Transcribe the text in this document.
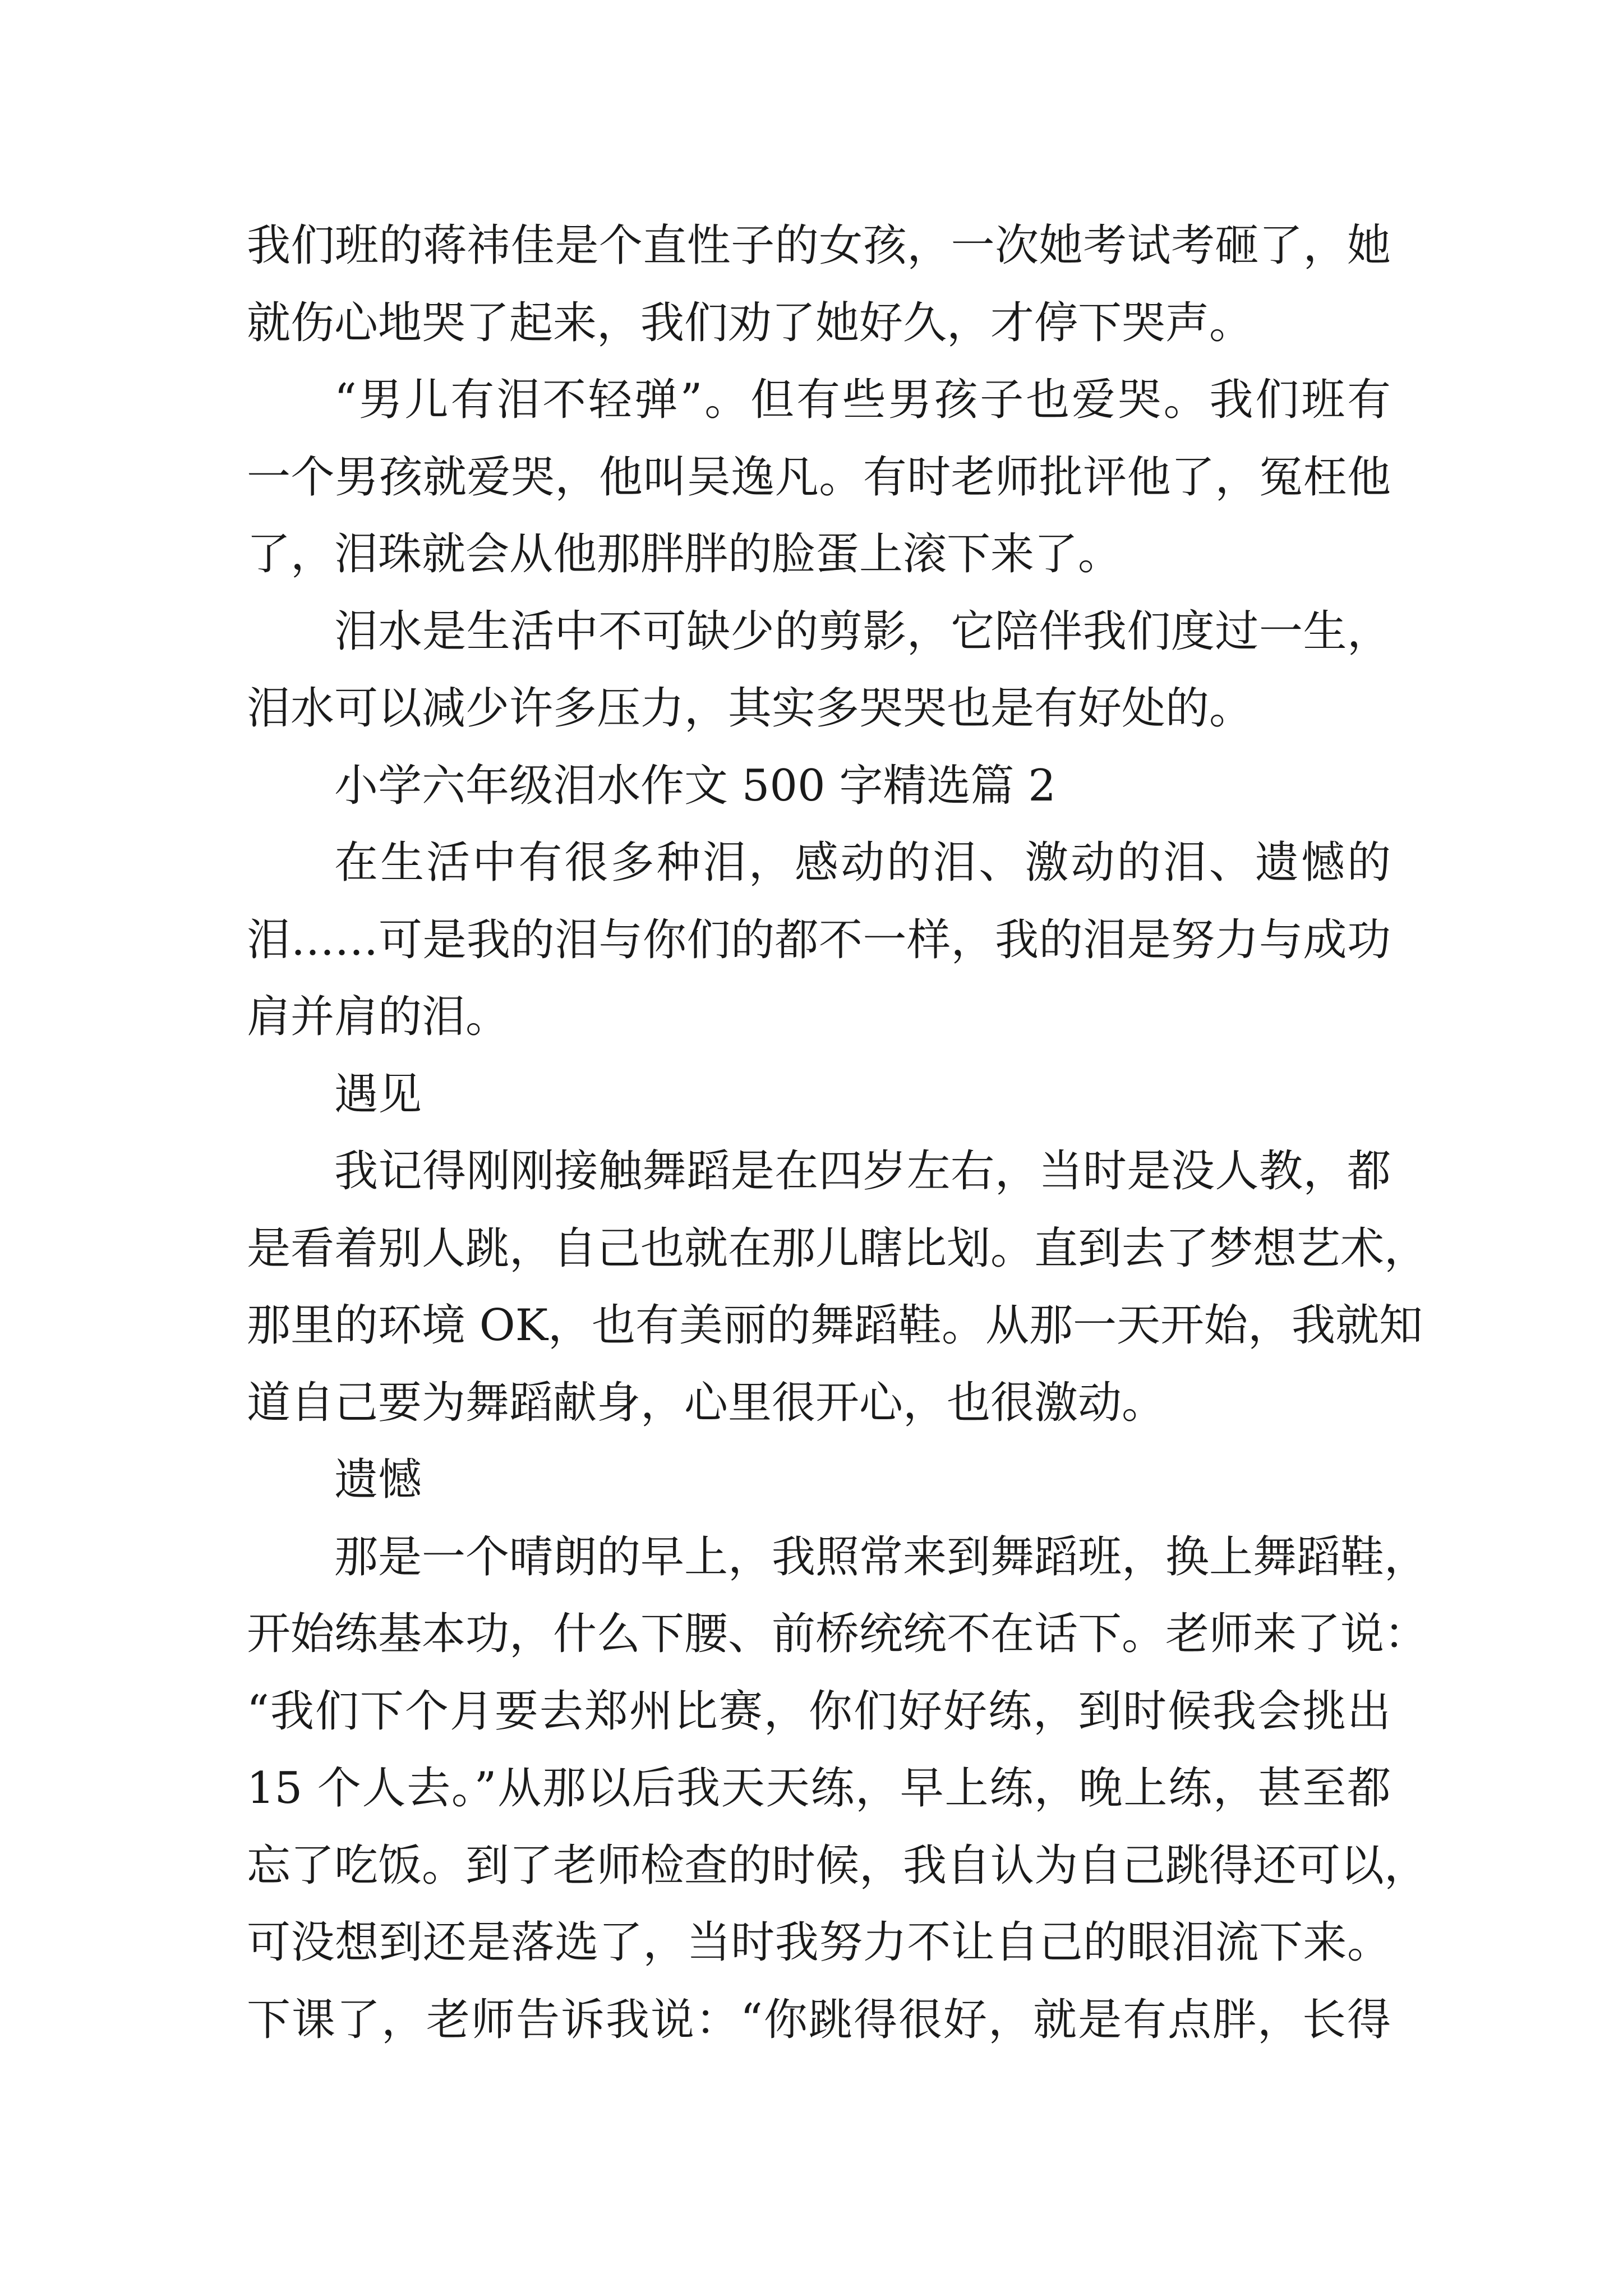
我们班的蒋祎佳是个直性子的女孩，一次她考试考砸了，她
就伤心地哭了起来，我们劝了她好久，才停下哭声。
“男儿有泪不轻弹”。但有些男孩子也爱哭。我们班有
一个男孩就爱哭，他叫吴逸凡。有时老师批评他了，冤枉他
了，泪珠就会从他那胖胖的脸蛋上滚下来了。
泪水是生活中不可缺少的剪影，它陪伴我们度过一生，
泪水可以减少许多压力，其实多哭哭也是有好处的。
小学六年级泪水作文 500 字精选篇 2
在生活中有很多种泪，感动的泪、激动的泪、遗憾的
泪……可是我的泪与你们的都不一样，我的泪是努力与成功
肩并肩的泪。
遇见
我记得刚刚接触舞蹈是在四岁左右，当时是没人教，都
是看着别人跳，自己也就在那儿瞎比划。直到去了梦想艺术，
那里的环境 OK，也有美丽的舞蹈鞋。从那一天开始，我就知
道自己要为舞蹈献身，心里很开心，也很激动。
遗憾
那是一个晴朗的早上，我照常来到舞蹈班，换上舞蹈鞋，
开始练基本功，什么下腰、前桥统统不在话下。老师来了说：
“我们下个月要去郑州比赛，你们好好练，到时候我会挑出
15 个人去。”从那以后我天天练，早上练，晚上练，甚至都
忘了吃饭。到了老师检查的时候，我自认为自己跳得还可以，
可没想到还是落选了，当时我努力不让自己的眼泪流下来。
下课了，老师告诉我说：“你跳得很好，就是有点胖，长得
